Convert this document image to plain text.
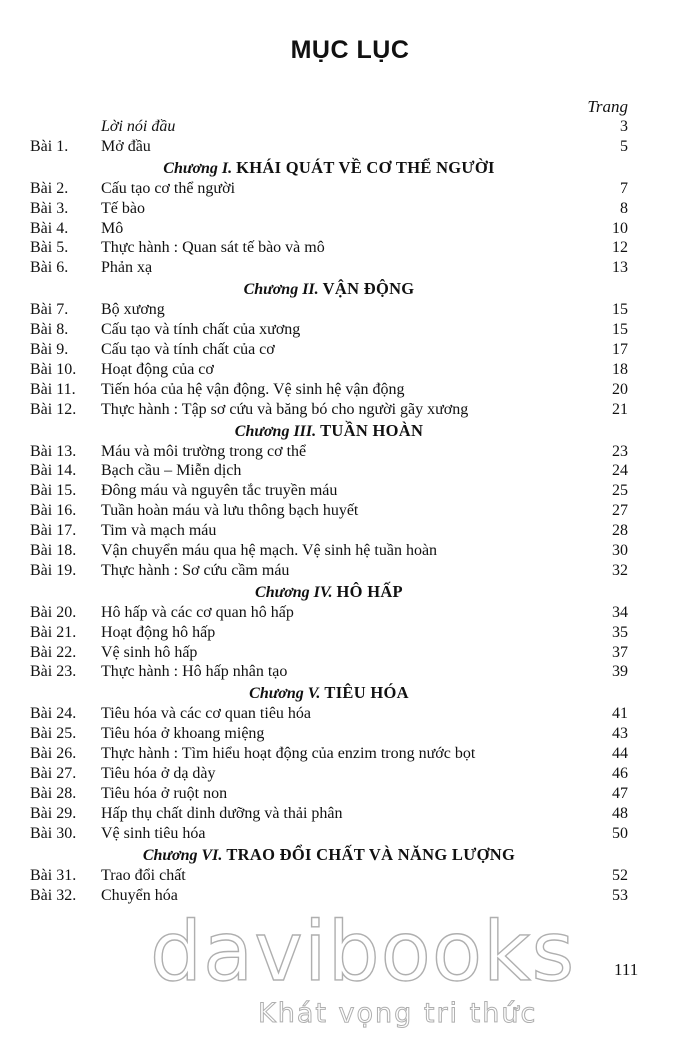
MỤC LỤC
Trang
Lời nói đầu	3
Bài 1. Mở đầu	5
Chương I. KHÁI QUÁT VỀ CƠ THỂ NGƯỜI
Bài 2. Cấu tạo cơ thể người	7
Bài 3. Tế bào	8
Bài 4. Mô	10
Bài 5. Thực hành : Quan sát tế bào và mô	12
Bài 6. Phản xạ	13
Chương II. VẬN ĐỘNG
Bài 7. Bộ xương	15
Bài 8. Cấu tạo và tính chất của xương	15
Bài 9. Cấu tạo và tính chất của cơ	17
Bài 10. Hoạt động của cơ	18
Bài 11. Tiến hóa của hệ vận động. Vệ sinh hệ vận động	20
Bài 12. Thực hành : Tập sơ cứu và băng bó cho người gãy xương	21
Chương III. TUẦN HOÀN
Bài 13. Máu và môi trường trong cơ thể	23
Bài 14. Bạch cầu – Miễn dịch	24
Bài 15. Đông máu và nguyên tắc truyền máu	25
Bài 16. Tuần hoàn máu và lưu thông bạch huyết	27
Bài 17. Tim và mạch máu	28
Bài 18. Vận chuyển máu qua hệ mạch. Vệ sinh hệ tuần hoàn	30
Bài 19. Thực hành : Sơ cứu cầm máu	32
Chương IV. HÔ HẤP
Bài 20. Hô hấp và các cơ quan hô hấp	34
Bài 21. Hoạt động hô hấp	35
Bài 22. Vệ sinh hô hấp	37
Bài 23. Thực hành : Hô hấp nhân tạo	39
Chương V. TIÊU HÓA
Bài 24. Tiêu hóa và các cơ quan tiêu hóa	41
Bài 25. Tiêu hóa ở khoang miệng	43
Bài 26. Thực hành : Tìm hiểu hoạt động của enzim trong nước bọt	44
Bài 27. Tiêu hóa ở dạ dày	46
Bài 28. Tiêu hóa ở ruột non	47
Bài 29. Hấp thụ chất dinh dưỡng và thải phân	48
Bài 30. Vệ sinh tiêu hóa	50
Chương VI. TRAO ĐỔI CHẤT VÀ NĂNG LƯỢNG
Bài 31. Trao đổi chất	52
Bài 32. Chuyển hóa	53
111
davibooks
Khát vọng tri thức
